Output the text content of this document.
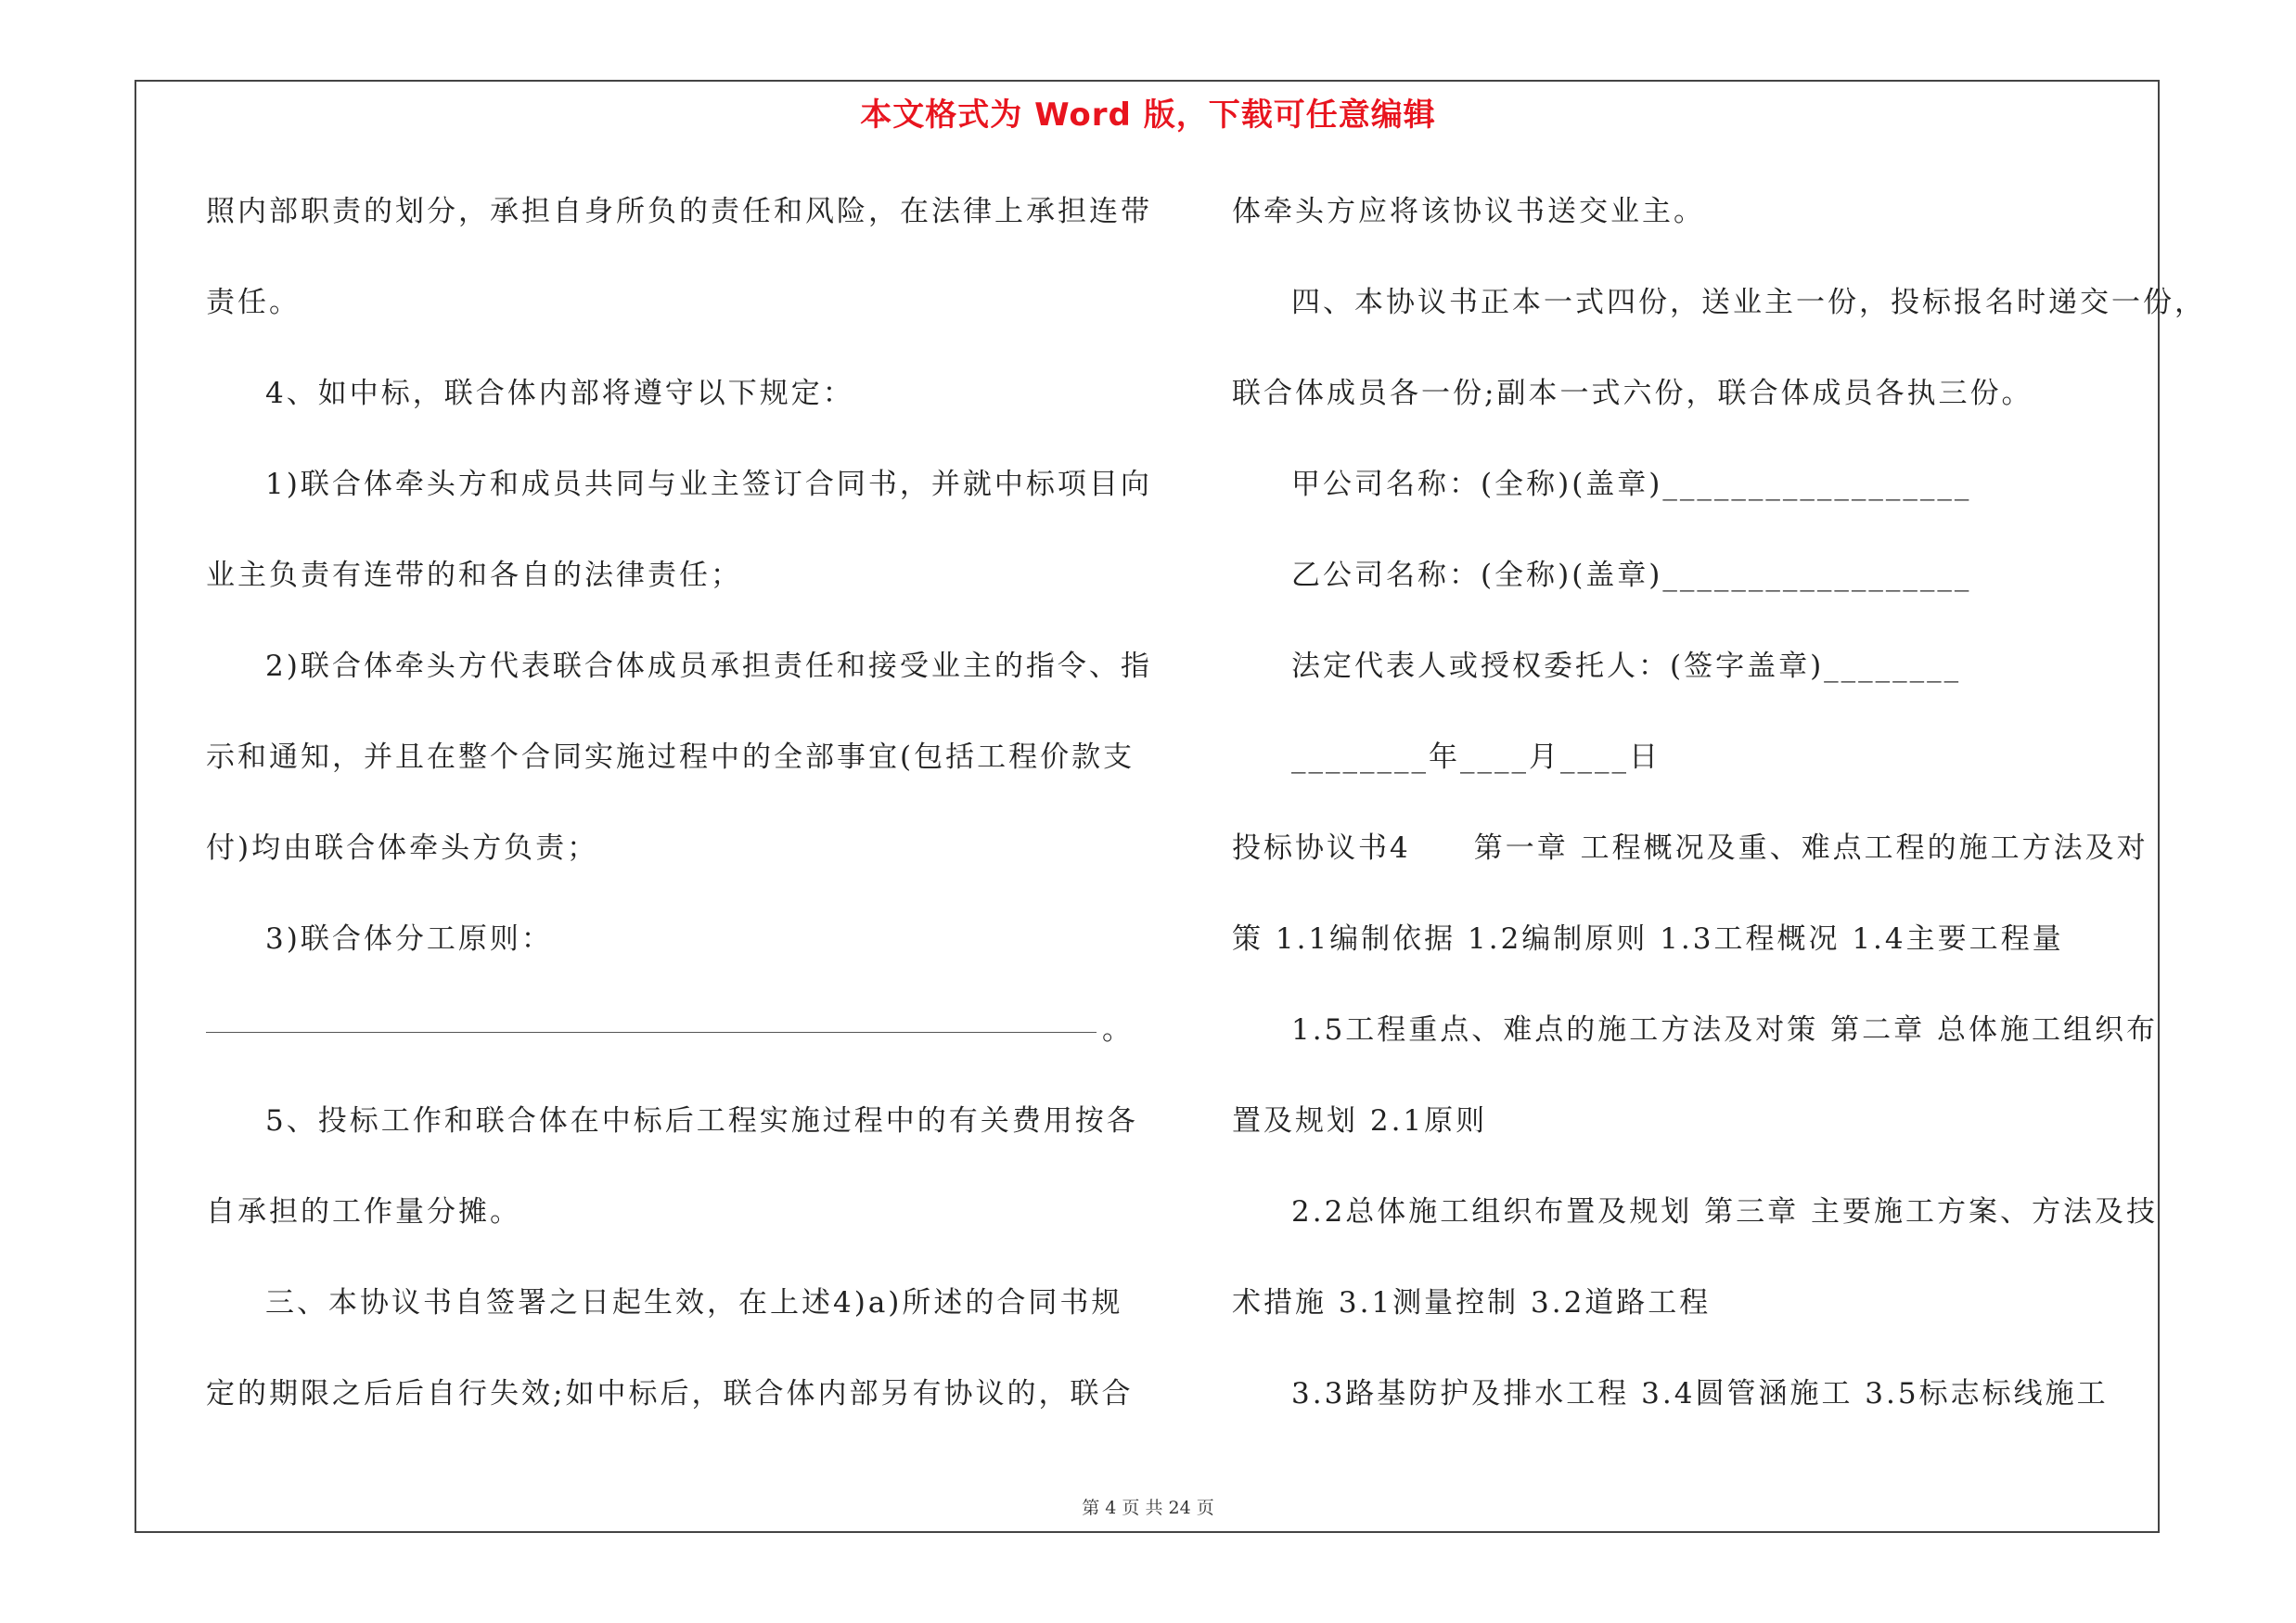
本文格式为 Word 版，下载可任意编辑
照内部职责的划分，承担自身所负的责任和风险，在法律上承担连带
责任。
4、如中标，联合体内部将遵守以下规定：
1)联合体牵头方和成员共同与业主签订合同书，并就中标项目向
业主负责有连带的和各自的法律责任；
2)联合体牵头方代表联合体成员承担责任和接受业主的指令、指
示和通知，并且在整个合同实施过程中的全部事宜(包括工程价款支
付)均由联合体牵头方负责；
3)联合体分工原则：
。
5、投标工作和联合体在中标后工程实施过程中的有关费用按各
自承担的工作量分摊。
三、本协议书自签署之日起生效，在上述4)a)所述的合同书规
定的期限之后后自行失效;如中标后，联合体内部另有协议的，联合
体牵头方应将该协议书送交业主。
四、本协议书正本一式四份，送业主一份，投标报名时递交一份，
联合体成员各一份;副本一式六份，联合体成员各执三份。
甲公司名称：(全称)(盖章)__________________
乙公司名称：(全称)(盖章)__________________
法定代表人或授权委托人：(签字盖章)________
________年____月____日
投标协议书4　　第一章 工程概况及重、难点工程的施工方法及对
策 1.1编制依据 1.2编制原则 1.3工程概况 1.4主要工程量
1.5工程重点、难点的施工方法及对策 第二章 总体施工组织布
置及规划 2.1原则
2.2总体施工组织布置及规划 第三章 主要施工方案、方法及技
术措施 3.1测量控制 3.2道路工程
3.3路基防护及排水工程 3.4圆管涵施工 3.5标志标线施工
第 4 页 共 24 页
